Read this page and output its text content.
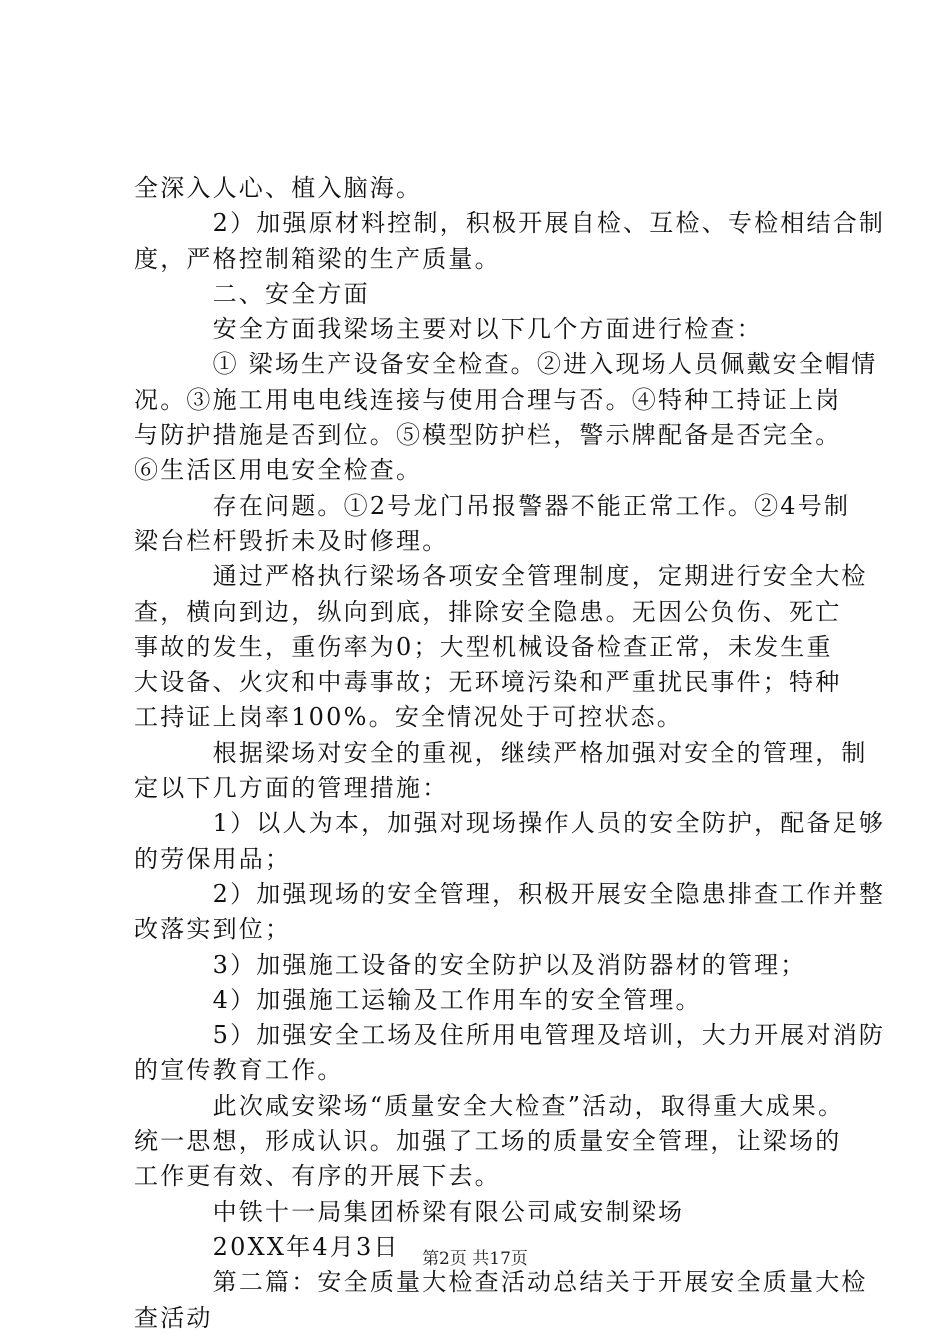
全深入人心、植入脑海。
2）加强原材料控制，积极开展自检、互检、专检相结合制
度，严格控制箱梁的生产质量。
二、安全方面
安全方面我梁场主要对以下几个方面进行检查：
① 梁场生产设备安全检查。②进入现场人员佩戴安全帽情
况。③施工用电电线连接与使用合理与否。④特种工持证上岗
与防护措施是否到位。⑤模型防护栏，警示牌配备是否完全。
⑥生活区用电安全检查。
存在问题。①2号龙门吊报警器不能正常工作。②4号制
梁台栏杆毁折未及时修理。
通过严格执行梁场各项安全管理制度，定期进行安全大检
查，横向到边，纵向到底，排除安全隐患。无因公负伤、死亡
事故的发生，重伤率为0；大型机械设备检查正常，未发生重
大设备、火灾和中毒事故；无环境污染和严重扰民事件；特种
工持证上岗率100%。安全情况处于可控状态。
根据梁场对安全的重视，继续严格加强对安全的管理，制
定以下几方面的管理措施：
1）以人为本，加强对现场操作人员的安全防护，配备足够
的劳保用品；
2）加强现场的安全管理，积极开展安全隐患排查工作并整
改落实到位；
3）加强施工设备的安全防护以及消防器材的管理；
4）加强施工运输及工作用车的安全管理。
5）加强安全工场及住所用电管理及培训，大力开展对消防
的宣传教育工作。
此次咸安梁场“质量安全大检查”活动，取得重大成果。
统一思想，形成认识。加强了工场的质量安全管理，让梁场的
工作更有效、有序的开展下去。
中铁十一局集团桥梁有限公司咸安制梁场
20XX年4月3日
第二篇：安全质量大检查活动总结关于开展安全质量大检
查活动
第2页 共17页
